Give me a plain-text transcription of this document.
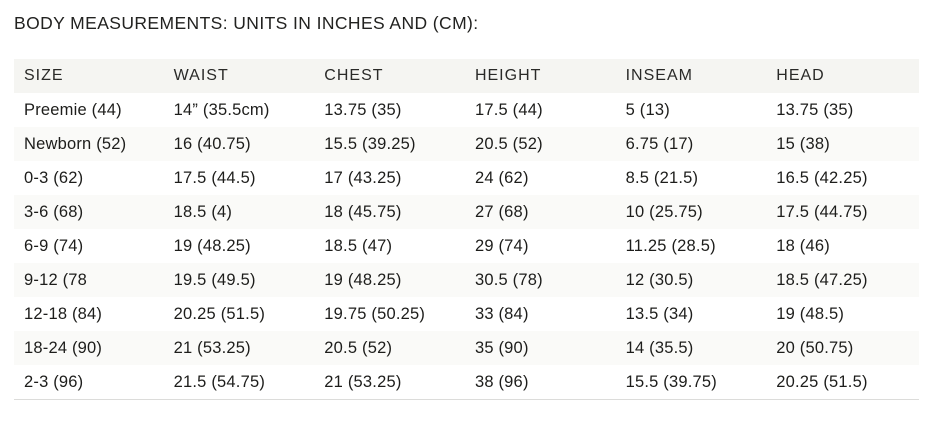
BODY MEASUREMENTS: UNITS IN INCHES AND (CM):
SIZE	WAIST	CHEST	HEIGHT	INSEAM	HEAD
Preemie (44)	14” (35.5cm)	13.75 (35)	17.5 (44)	5 (13)	13.75 (35)
Newborn (52)	16 (40.75)	15.5 (39.25)	20.5 (52)	6.75 (17)	15 (38)
0-3 (62)	17.5 (44.5)	17 (43.25)	24 (62)	8.5 (21.5)	16.5 (42.25)
3-6 (68)	18.5 (4)	18 (45.75)	27 (68)	10 (25.75)	17.5 (44.75)
6-9 (74)	19 (48.25)	18.5 (47)	29 (74)	11.25 (28.5)	18 (46)
9-12 (78	19.5 (49.5)	19 (48.25)	30.5 (78)	12 (30.5)	18.5 (47.25)
12-18 (84)	20.25 (51.5)	19.75 (50.25)	33 (84)	13.5 (34)	19 (48.5)
18-24 (90)	21 (53.25)	20.5 (52)	35 (90)	14 (35.5)	20 (50.75)
2-3 (96)	21.5 (54.75)	21 (53.25)	38 (96)	15.5 (39.75)	20.25 (51.5)
